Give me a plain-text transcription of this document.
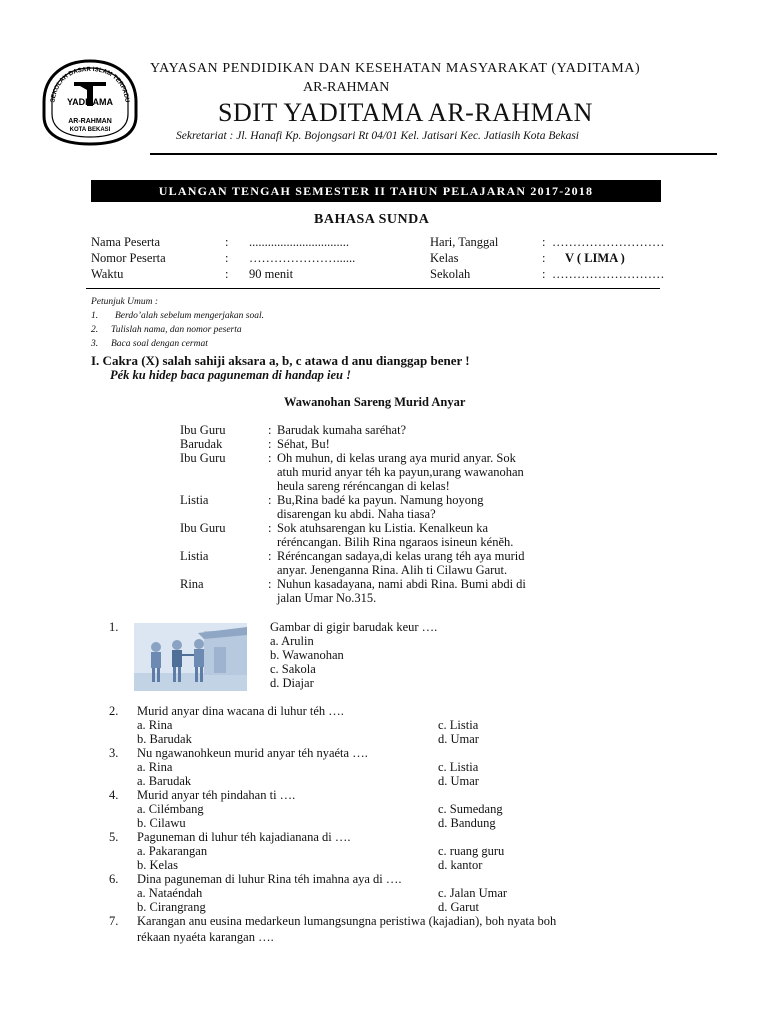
SEKOLAH DASAR ISLAM TERPADU
YADITAMA
AR-RAHMAN
KOTA BEKASI
YAYASAN PENDIDIKAN DAN KESEHATAN MASYARAKAT (YADITAMA)
AR-RAHMAN
SDIT YADITAMA AR-RAHMAN
Sekretariat : Jl. Hanafi Kp. Bojongsari Rt 04/01 Kel. Jatisari Kec. Jatiasih Kota Bekasi
ULANGAN TENGAH SEMESTER II TAHUN PELAJARAN 2017-2018
BAHASA SUNDA
Nama Peserta	: ................................
Nomor Peserta	: …………………......
Waktu	: 90 menit
Hari, Tanggal	: ………………………
Kelas	: V ( LIMA )
Sekolah	: ………………………
Petunjuk Umum :
1. Berdo’alah sebelum mengerjakan soal.
2. Tulislah nama, dan nomor peserta
3. Baca soal dengan cermat
I. Cakra (X) salah sahiji aksara a, b, c atawa d anu dianggap bener !
Pék ku hidep baca paguneman di handap ieu !
Wawanohan Sareng Murid Anyar
Ibu Guru	: Barudak kumaha saréhat?
Barudak	: Séhat, Bu!
Ibu Guru	: Oh muhun, di kelas urang aya murid anyar. Sok
atuh murid anyar téh ka payun,urang wawanohan
heula sareng réréncangan di kelas!
Listia	: Bu,Rina badé ka payun. Namung hoyong
disarengan ku abdi. Naha tiasa?
Ibu Guru	: Sok atuhsarengan ku Listia. Kenalkeun ka
réréncangan. Bilih Rina ngaraos isineun kéněh.
Listia	: Réréncangan sadaya,di kelas urang téh aya murid
anyar. Jenenganna Rina. Alih ti Cilawu Garut.
Rina	: Nuhun kasadayana, nami abdi Rina. Bumi abdi di
jalan Umar No.315.
1.	Gambar di gigir barudak keur ….
a. Arulin
b. Wawanohan
c. Sakola
d. Diajar
2. Murid anyar dina wacana di luhur téh ….
a. Rina	c. Listia
b. Barudak	d. Umar
3. Nu ngawanohkeun murid anyar téh nyaéta ….
a. Rina	c. Listia
a. Barudak	d. Umar
4. Murid anyar téh pindahan ti ….
a. Cilémbang	c. Sumedang
b. Cilawu	d. Bandung
5. Paguneman di luhur téh kajadianana di ….
a. Pakarangan	c. ruang guru
b. Kelas	d. kantor
6. Dina paguneman di luhur Rina téh imahna aya di ….
a. Nataéndah	c. Jalan Umar
b. Cirangrang	d. Garut
7. Karangan anu eusina medarkeun lumangsungna peristiwa (kajadian), boh nyata boh
rékaan nyaéta karangan ….
